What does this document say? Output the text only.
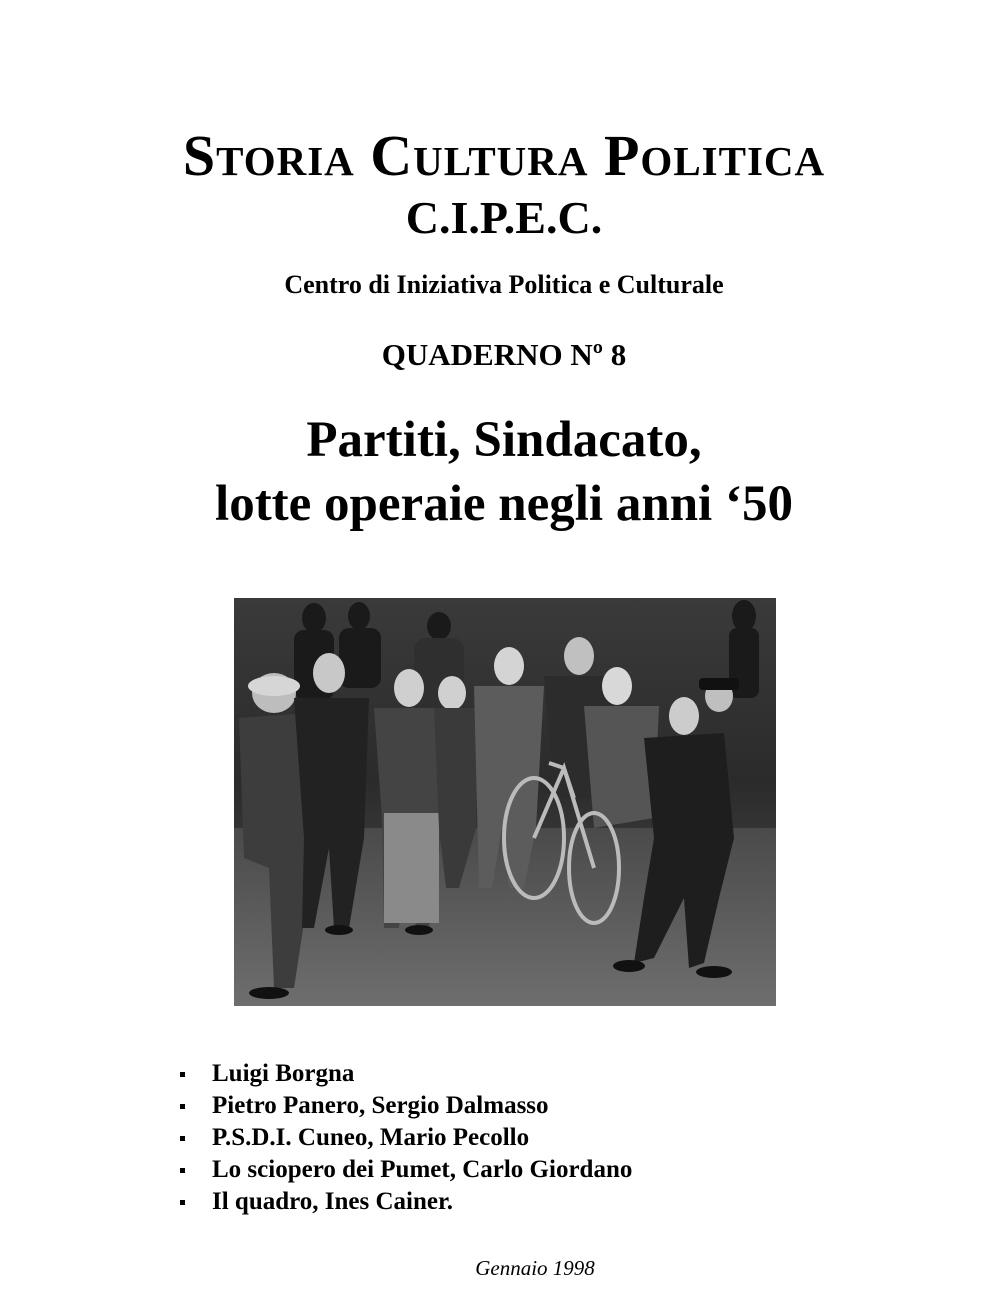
Storia Cultura Politica
C.I.P.E.C.
Centro di Iniziativa Politica e Culturale
QUADERNO Nº 8
Partiti, Sindacato,
lotte operaie negli anni ‘50
Luigi Borgna
Pietro Panero, Sergio Dalmasso
P.S.D.I. Cuneo, Mario Pecollo
Lo sciopero dei Pumet, Carlo Giordano
Il quadro, Ines Cainer.
Gennaio 1998
